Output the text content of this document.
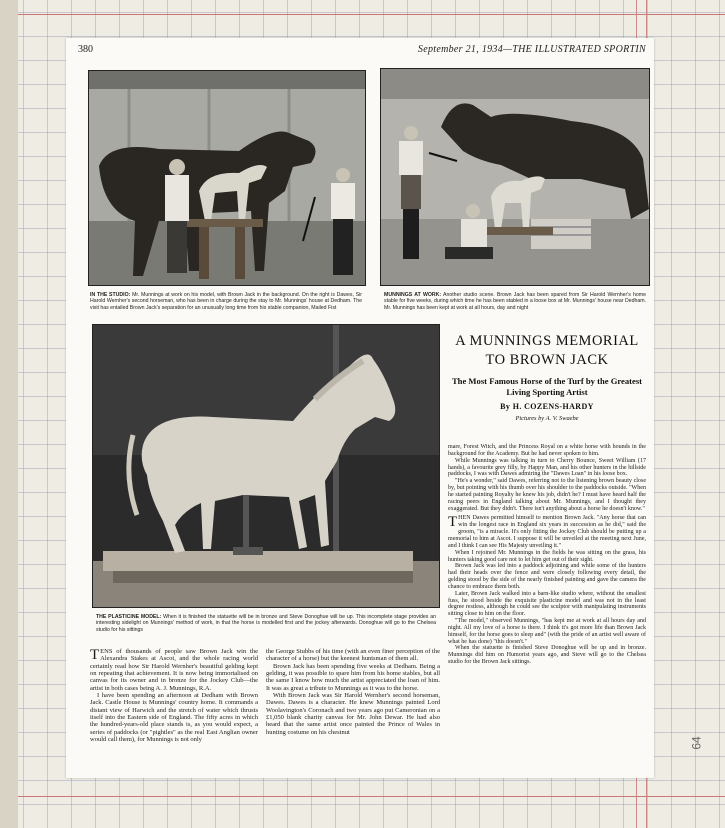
380	September 21, 1934—THE ILLUSTRATED SPORTIN
IN THE STUDIO: Mr. Munnings at work on his model, with Brown Jack in the background. On the right is Dawes, Sir Harold Wernher's second horseman, who has been in charge during the stay to Mr. Munnings' house at Dedham. The visit has entailed Brown Jack's separation for an unusually long time from his stable companion, Mailed Fist
MUNNINGS AT WORK: Another studio scene. Brown Jack has been spared from Sir Harold Wernher's home stable for five weeks, during which time he has been stabled in a loose box at Mr. Munnings' house near Dedham. Mr. Munnings has been kept at work at all hours, day and night
THE PLASTICINE MODEL: When it is finished the statuette will be in bronze and Steve Donoghue will be up. This incomplete stage provides an interesting sidelight on Munnings' method of work, in that the horse is modelled first and the jockey afterwards. Donoghue will go to the Chelsea studio for his sittings
A MUNNINGS MEMORIAL TO BROWN JACK
The Most Famous Horse of the Turf by the Greatest Living Sporting Artist
By H. COZENS-HARDY
Pictures by A. V. Swaebe

TENS of thousands of people saw Brown Jack win the Alexandra Stakes at Ascot, and the whole racing world certainly read how Sir Harold Wernher's beautiful gelding kept on repeating that achievement. It is now being immortalised on canvas for its owner and in bronze for the Jockey Club—the artist in both cases being A. J. Munnings, R.A.

I have been spending an afternoon at Dedham with Brown Jack. Castle House is Munnings' country home. It commands a distant view of Harwich and the stretch of water which thrusts itself into the Eastern side of England. The fifty acres in which the hundred-years-old place stands is, as you would expect, a series of paddocks (or "pightles" as the real East Anglian owner would call them), for Munnings is not only

the George Stubbs of his time (with an even finer perception of the character of a horse) but the keenest huntsman of them all.

Brown Jack has been spending five weeks at Dedham. Being a gelding, it was possible to spare him from his home stables, but all the same I know how much the artist appreciated the loan of him. It was as great a tribute to Munnings as it was to the horse.

With Brown Jack was Sir Harold Wernher's second horseman, Dawes. Dawes is a character. He knew Munnings painted Lord Woolavington's Coronach and two years ago put Cameronian on a £1,050 blank charity canvas for Mr. John Dewar. He had also heard that the same artist once painted the Prince of Wales in hunting costume on his chestnut

mare, Forest Witch, and the Princess Royal on a white horse with hounds in the background for the Academy. But he had never spoken to him.

While Munnings was talking in turn to Cherry Bounce, Sweet William (17 hands), a favourite grey filly, by Happy Man, and his other hunters in the hillside paddocks, I was with Dawes admiring the "Dawes Loan" in his loose box.

"He's a wonder," said Dawes, referring not to the listening brown beauty close by, but pointing with his thumb over his shoulder to the paddocks outside. "When he started painting Royalty he knew his job, didn't he? I must have heard half the racing peers in England talking about Mr. Munnings, and I thought they exaggerated. But they didn't. There isn't anything about a horse he doesn't know."

THEN Dawes permitted himself to mention Brown Jack. "Any horse that can win the longest race in England six years in succession as he did," said the groom, "is a miracle. It's only fitting the Jockey Club should be putting up a memorial to him at Ascot. I suppose it will be unveiled at the meeting next June, and I think I can see His Majesty unveiling it."

When I rejoined Mr. Munnings in the fields he was sitting on the grass, his hunters taking good care not to let him get out of their sight.

Brown Jack was led into a paddock adjoining and while some of the hunters had their heads over the fence and were closely following every detail, the gelding stood by the side of the nearly finished painting and gave the camera the chance to embrace them both.

Later, Brown Jack walked into a barn-like studio where, without the smallest fuss, he stood beside the exquisite plasticine model and was not in the least degree restless, although he could see the sculptor with manipulating instruments sitting close to him on the floor.

"The model," observed Munnings, "has kept me at work at all hours day and night. All my love of a horse is there. I think it's got more life than Brown Jack himself, for the horse goes to sleep and" (with the pride of an artist well aware of what he has done) "this doesn't."

When the statuette is finished Steve Donoghue will be up and in bronze. Munnings did him on Humorist years ago, and Steve will go to the Chelsea studio for the Brown Jack sittings.

64
